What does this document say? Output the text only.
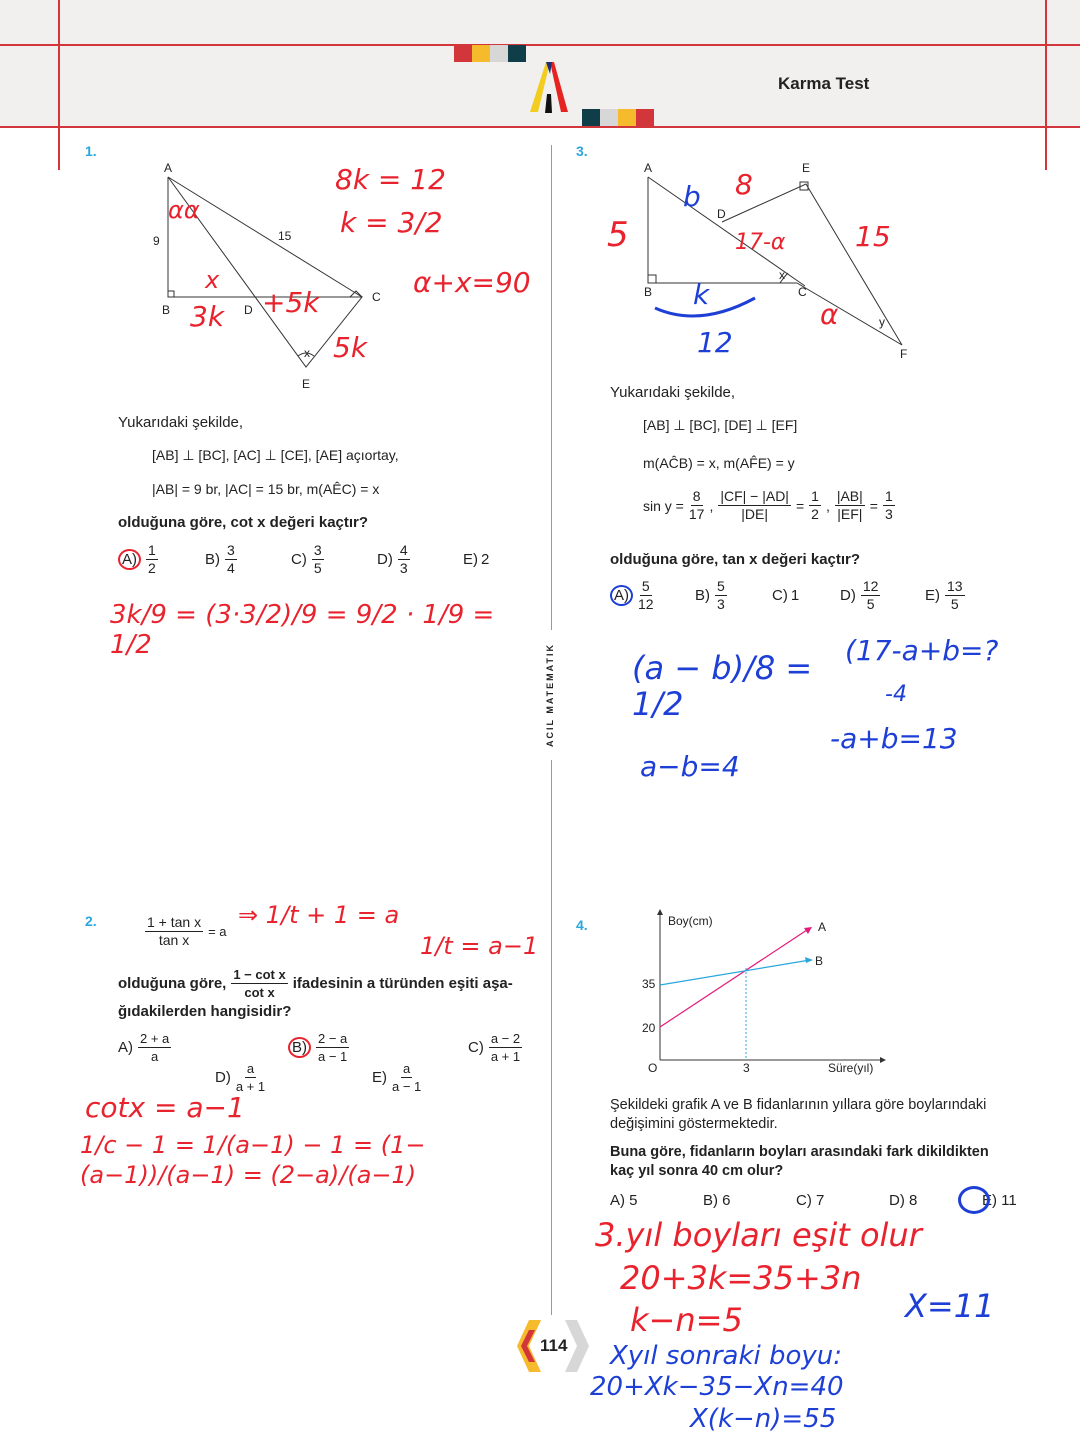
Karma Test
ACIL MATEMATIK
1.
A
B
C
D
E
9	15
x
8k = 12
k = 3/2
α+x=90
αα
x
3k +5k
5k
Yukarıdaki şekilde,
[AB] ⊥ [BC], [AC] ⊥ [CE], [AE] açıortay,
|AB| = 9 br, |AC| = 15 br, m(AÊC) = x
olduğuna göre, cot x değeri kaçtır?
A)
1
2	B)
3
4	C)
3
5	D)
4
3	E) 2
3k/9 = (3·3/2)/9 = 9/2 · 1/9 = 1/2
3.
A
B	C
D
E
F
x
y
b 8
5	17-α 15
k
12
α
Yukarıdaki şekilde,
[AB] ⊥ [BC], [DE] ⊥ [EF]
m(AĈB) = x, m(AF̂E) = y
$\sin y = \frac{8}{17}$ ,
|CF| − |AD|
|DE|
=
1
2
,
|AB|
|EF|
=
1
3
olduğuna göre, tan x değeri kaçtır?
A)
5
12	B)
5
3	C) 1	D)
12
5	E)
13
5
(a − b)/8 = 1/2
a−b=4
(17-a+b=?
-4
-a+b=13
2.	$\frac{\text{1 + tan x}}{\text{tan x}} = a$
⇒ 1/t + 1 = a
1/t = a−1
olduğuna göre,
1 − cot x
cot x
ifadesinin a türünden eşiti aşa-
ğıdakilerden hangisidir?
A)
2 + a
a
B)
2 − a
a − 1
C)
a − 2
a + 1
D)
a
a + 1
E)
a
a − 1
cotx = a−1
1/c − 1 = 1/(a−1) − 1 = (1−(a−1))/(a−1) = (2−a)/(a−1)
4.	Boy(cm)
Süre(yıl)
O
35
20
3
A
B
Şekildeki grafik A ve B fidanlarının yıllara göre boylarındaki
değişimini göstermektedir.
Buna göre, fidanların boyları arasındaki fark dikildikten
kaç yıl sonra 40 cm olur?
A) 5	B) 6	C) 7	D) 8	E) 11
3.yıl boyları eşit olur
20+3k=35+3n
k−n=5	X=11
Xyıl sonraki boyu:
20+Xk−35−Xn=40
X(k−n)=55
114
